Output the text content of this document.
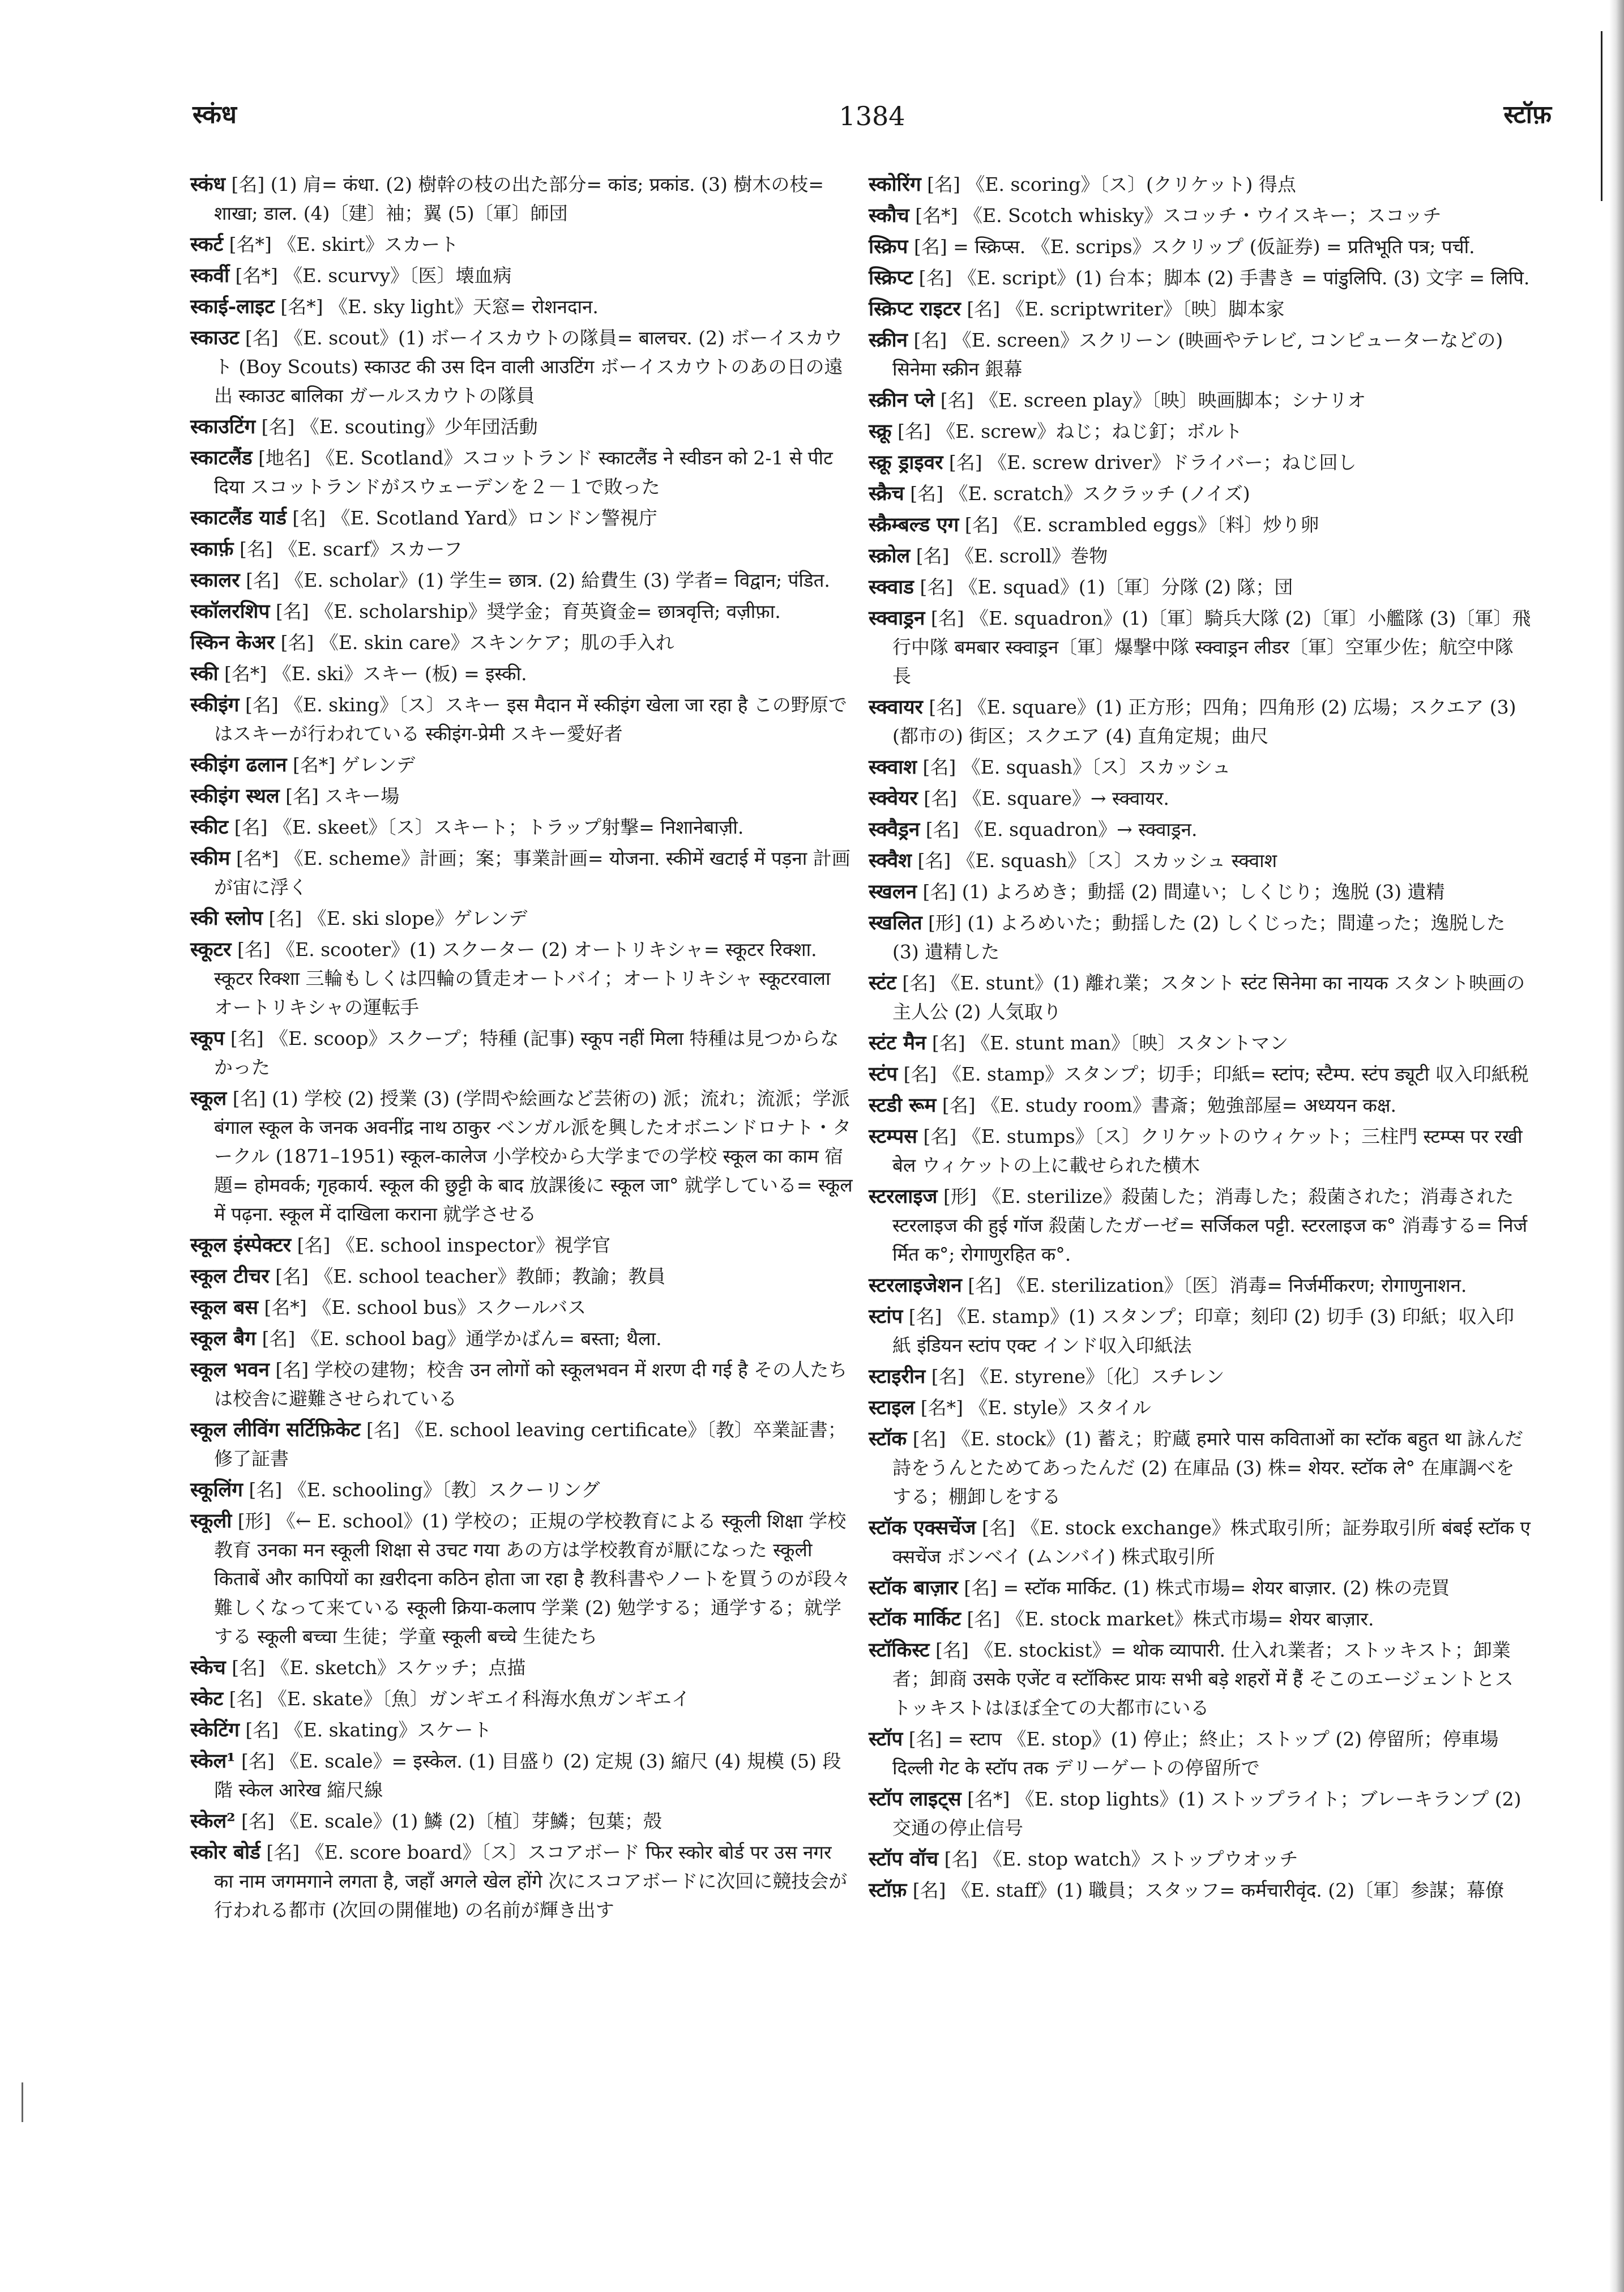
स्कंध	1384	स्टॉफ़
स्कंध [名] (1) 肩= कंधा. (2) 樹幹の枝の出た部分= कांड; प्रकांड. (3) 樹木の枝= शाखा; डाल. (4)〔建〕袖；翼 (5)〔軍〕師団
स्कर्ट [名*] 《E. skirt》スカート
स्कर्वी [名*] 《E. scurvy》〔医〕壊血病
स्काई-लाइट [名*] 《E. sky light》天窓= रोशनदान.
स्काउट [名] 《E. scout》(1) ボーイスカウトの隊員= बालचर. (2) ボーイスカウト (Boy Scouts) स्काउट की उस दिन वाली आउटिंग ボーイスカウトのあの日の遠出 स्काउट बालिका ガールスカウトの隊員
स्काउटिंग [名] 《E. scouting》少年団活動
स्काटलैंड [地名] 《E. Scotland》スコットランド स्काटलैंड ने स्वीडन को 2-1 से पीट दिया スコットランドがスウェーデンを２－１で敗った
स्काटलैंड यार्ड [名] 《E. Scotland Yard》ロンドン警視庁
स्कार्फ़ [名] 《E. scarf》スカーフ
स्कालर [名] 《E. scholar》(1) 学生= छात्र. (2) 給費生 (3) 学者= विद्वान; पंडित.
स्कॉलरशिप [名] 《E. scholarship》奨学金；育英資金= छात्रवृत्ति; वज़ीफ़ा.
स्किन केअर [名] 《E. skin care》スキンケア；肌の手入れ
स्की [名*] 《E. ski》スキー (板) = इस्की.
स्कीइंग [名] 《E. sking》〔ス〕スキー इस मैदान में स्कीइंग खेला जा रहा है この野原ではスキーが行われている स्कीइंग-प्रेमी スキー愛好者
स्कीइंग ढलान [名*] ゲレンデ
स्कीइंग स्थल [名] スキー場
स्कीट [名] 《E. skeet》〔ス〕スキート；トラップ射撃= निशानेबाज़ी.
स्कीम [名*] 《E. scheme》計画；案；事業計画= योजना. स्कीमें खटाई में पड़ना 計画が宙に浮く
स्की स्लोप [名] 《E. ski slope》ゲレンデ
स्कूटर [名] 《E. scooter》(1) スクーター (2) オートリキシャ= स्कूटर रिक्शा. स्कूटर रिक्शा 三輪もしくは四輪の賃走オートバイ；オートリキシャ स्कूटरवाला オートリキシャの運転手
स्कूप [名] 《E. scoop》スクープ；特種 (記事) स्कूप नहीं मिला 特種は見つからなかった
स्कूल [名] (1) 学校 (2) 授業 (3) (学問や絵画など芸術の) 派；流れ；流派；学派 बंगाल स्कूल के जनक अवनींद्र नाथ ठाकुर ベンガル派を興したオボニンドロナト・タークル (1871–1951) स्कूल-कालेज 小学校から大学までの学校 स्कूल का काम 宿題= होमवर्क; गृहकार्य. स्कूल की छुट्टी के बाद 放課後に स्कूल जा° 就学している= स्कूल में पढ़ना. स्कूल में दाखिला कराना 就学させる
स्कूल इंस्पेक्टर [名] 《E. school inspector》視学官
स्कूल टीचर [名] 《E. school teacher》教師；教諭；教員
स्कूल बस [名*] 《E. school bus》スクールバス
स्कूल बैग [名] 《E. school bag》通学かばん= बस्ता; थैला.
स्कूल भवन [名] 学校の建物；校舎 उन लोगों को स्कूलभवन में शरण दी गई है その人たちは校舎に避難させられている
स्कूल लीविंग सर्टिफ़िकेट [名] 《E. school leaving certificate》〔教〕卒業証書；修了証書
स्कूलिंग [名] 《E. schooling》〔教〕スクーリング
स्कूली [形] 《← E. school》(1) 学校の；正規の学校教育による स्कूली शिक्षा 学校教育 उनका मन स्कूली शिक्षा से उचट गया あの方は学校教育が厭になった स्कूली किताबें और कापियों का ख़रीदना कठिन होता जा रहा है 教科書やノートを買うのが段々難しくなって来ている स्कूली क्रिया-कलाप 学業 (2) 勉学する；通学する；就学する स्कूली बच्चा 生徒；学童 स्कूली बच्चे 生徒たち
स्केच [名] 《E. sketch》スケッチ；点描
स्केट [名] 《E. skate》〔魚〕ガンギエイ科海水魚ガンギエイ
स्केटिंग [名] 《E. skating》スケート
स्केल¹ [名] 《E. scale》= इस्केल. (1) 目盛り (2) 定規 (3) 縮尺 (4) 規模 (5) 段階 स्केल आरेख 縮尺線
स्केल² [名] 《E. scale》(1) 鱗 (2)〔植〕芽鱗；包葉；殻
स्कोर बोर्ड [名] 《E. score board》〔ス〕スコアボード फिर स्कोर बोर्ड पर उस नगर का नाम जगमगाने लगता है, जहाँ अगले खेल होंगे 次にスコアボードに次回に競技会が行われる都市 (次回の開催地) の名前が輝き出す
स्कोरिंग [名] 《E. scoring》〔ス〕(クリケット) 得点
स्कौच [名*] 《E. Scotch whisky》スコッチ・ウイスキー；スコッチ
स्क्रिप [名] = स्क्रिप्स. 《E. scrips》スクリップ (仮証券) = प्रतिभूति पत्र; पर्ची.
स्क्रिप्ट [名] 《E. script》(1) 台本；脚本 (2) 手書き = पांडुलिपि. (3) 文字 = लिपि.
स्क्रिप्ट राइटर [名] 《E. scriptwriter》〔映〕脚本家
स्क्रीन [名] 《E. screen》スクリーン (映画やテレビ, コンピューターなどの) सिनेमा स्क्रीन 銀幕
स्क्रीन प्ले [名] 《E. screen play》〔映〕映画脚本；シナリオ
स्क्रू [名] 《E. screw》ねじ；ねじ釘；ボルト
स्क्रू ड्राइवर [名] 《E. screw driver》ドライバー；ねじ回し
स्क्रैच [名] 《E. scratch》スクラッチ (ノイズ)
स्क्रैम्बल्ड एग [名] 《E. scrambled eggs》〔料〕炒り卵
स्क्रोल [名] 《E. scroll》巻物
स्क्वाड [名] 《E. squad》(1)〔軍〕分隊 (2) 隊；団
स्क्वाड्रन [名] 《E. squadron》(1)〔軍〕騎兵大隊 (2)〔軍〕小艦隊 (3)〔軍〕飛行中隊 बमबार स्क्वाड्रन〔軍〕爆撃中隊 स्क्वाड्रन लीडर〔軍〕空軍少佐；航空中隊長
स्क्वायर [名] 《E. square》(1) 正方形；四角；四角形 (2) 広場；スクエア (3) (都市の) 街区；スクエア (4) 直角定規；曲尺
स्क्वाश [名] 《E. squash》〔ス〕スカッシュ
स्क्वेयर [名] 《E. square》→ स्क्वायर.
स्क्वैड्रन [名] 《E. squadron》→ स्क्वाड्रन.
स्क्वैश [名] 《E. squash》〔ス〕スカッシュ स्क्वाश
स्खलन [名] (1) よろめき；動揺 (2) 間違い；しくじり；逸脱 (3) 遺精
स्खलित [形] (1) よろめいた；動揺した (2) しくじった；間違った；逸脱した (3) 遺精した
स्टंट [名] 《E. stunt》(1) 離れ業；スタント स्टंट सिनेमा का नायक スタント映画の主人公 (2) 人気取り
स्टंट मैन [名] 《E. stunt man》〔映〕スタントマン
स्टंप [名] 《E. stamp》スタンプ；切手；印紙= स्टांप; स्टैम्प. स्टंप ड्यूटी 収入印紙税
स्टडी रूम [名] 《E. study room》書斎；勉強部屋= अध्ययन कक्ष.
स्टम्पस [名] 《E. stumps》〔ス〕クリケットのウィケット；三柱門 स्टम्प्स पर रखी बेल ウィケットの上に載せられた横木
स्टरलाइज [形] 《E. sterilize》殺菌した；消毒した；殺菌された；消毒された स्टरलाइज की हुई गॉज 殺菌したガーゼ= सर्जिकल पट्टी. स्टरलाइज क° 消毒する= निर्जर्मित क°; रोगाणुरहित क°.
स्टरलाइजेशन [名] 《E. sterilization》〔医〕消毒= निर्जर्मीकरण; रोगाणुनाशन.
स्टांप [名] 《E. stamp》(1) スタンプ；印章；刻印 (2) 切手 (3) 印紙；収入印紙 इंडियन स्टांप एक्ट インド収入印紙法
स्टाइरीन [名] 《E. styrene》〔化〕スチレン
स्टाइल [名*] 《E. style》スタイル
स्टॉक [名] 《E. stock》(1) 蓄え；貯蔵 हमारे पास कविताओं का स्टॉक बहुत था 詠んだ詩をうんとためてあったんだ (2) 在庫品 (3) 株= शेयर. स्टॉक ले° 在庫調べをする；棚卸しをする
स्टॉक एक्सचेंज [名] 《E. stock exchange》株式取引所；証券取引所 बंबई स्टॉक एक्सचेंज ボンベイ (ムンバイ) 株式取引所
स्टॉक बाज़ार [名] = स्टॉक मार्किट. (1) 株式市場= शेयर बाज़ार. (2) 株の売買
स्टॉक मार्किट [名] 《E. stock market》株式市場= शेयर बाज़ार.
स्टॉकिस्ट [名] 《E. stockist》= थोक व्यापारी. 仕入れ業者；ストッキスト；卸業者；卸商 उसके एजेंट व स्टॉकिस्ट प्रायः सभी बड़े शहरों में हैं そこのエージェントとストッキストはほぼ全ての大都市にいる
स्टॉप [名] = स्टाप 《E. stop》(1) 停止；終止；ストップ (2) 停留所；停車場 दिल्ली गेट के स्टॉप तक デリーゲートの停留所で
स्टॉप लाइट्स [名*] 《E. stop lights》(1) ストップライト；ブレーキランプ (2) 交通の停止信号
स्टॉप वॉच [名] 《E. stop watch》ストップウオッチ
स्टॉफ़ [名] 《E. staff》(1) 職員；スタッフ= कर्मचारीवृंद. (2)〔軍〕参謀；幕僚
